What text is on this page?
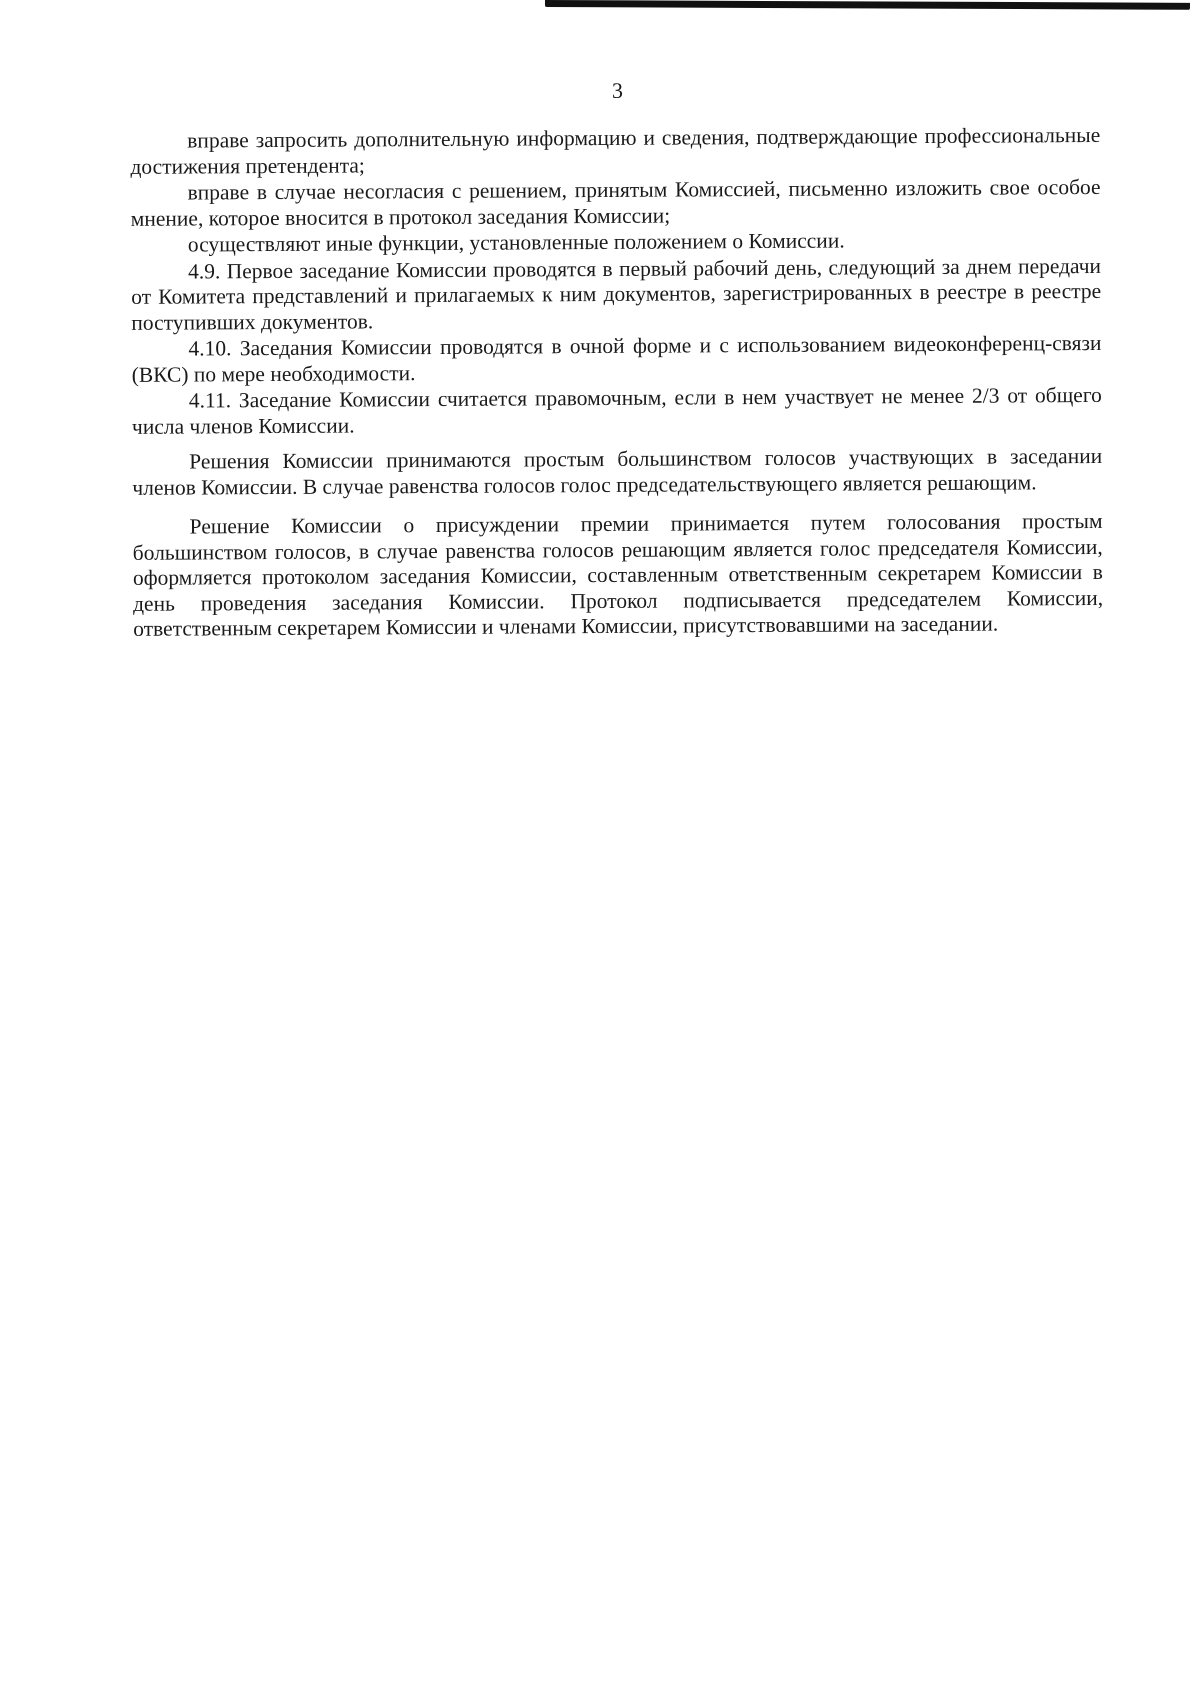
3

вправе запросить дополнительную информацию и сведения, подтверждающие профессиональные достижения претендента;

вправе в случае несогласия с решением, принятым Комиссией, письменно изложить свое особое мнение, которое вносится в протокол заседания Комиссии;

осуществляют иные функции, установленные положением о Комиссии.

4.9. Первое заседание Комиссии проводятся в первый рабочий день, следующий за днем передачи от Комитета представлений и прилагаемых к ним документов, зарегистрированных в реестре в реестре поступивших документов.

4.10. Заседания Комиссии проводятся в очной форме и с использованием видеоконференц-связи (ВКС) по мере необходимости.

4.11. Заседание Комиссии считается правомочным, если в нем участвует не менее 2/3 от общего числа членов Комиссии.

Решения Комиссии принимаются простым большинством голосов участвующих в заседании членов Комиссии. В случае равенства голосов голос председательствующего является решающим.

Решение Комиссии о присуждении премии принимается путем голосования простым большинством голосов, в случае равенства голосов решающим является голос председателя Комиссии, оформляется протоколом заседания Комиссии, составленным ответственным секретарем Комиссии в день проведения заседания Комиссии. Протокол подписывается председателем Комиссии, ответственным секретарем Комиссии и членами Комиссии, присутствовавшими на заседании.
